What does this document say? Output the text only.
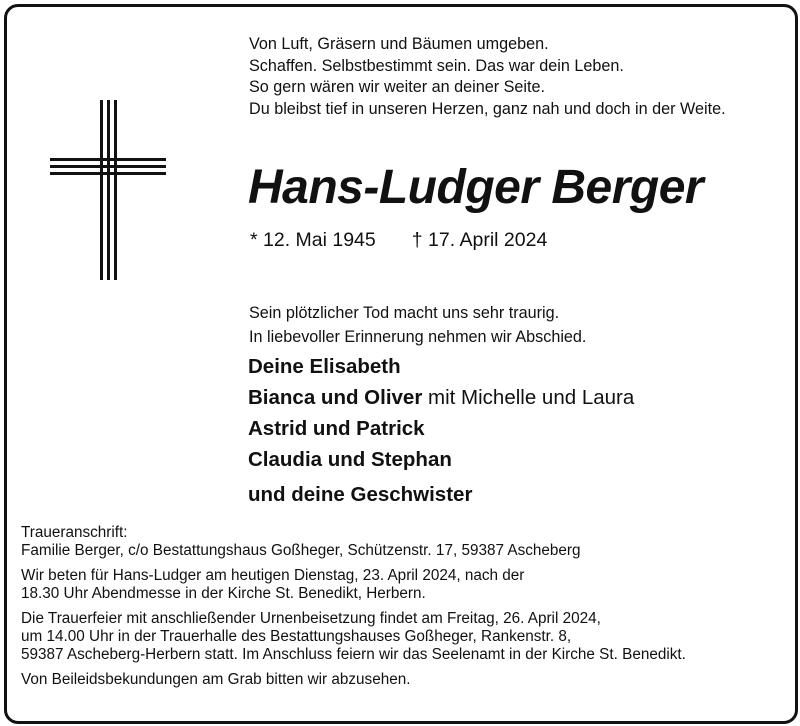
Von Luft, Gräsern und Bäumen umgeben.
Schaffen. Selbstbestimmt sein. Das war dein Leben.
So gern wären wir weiter an deiner Seite.
Du bleibst tief in unseren Herzen, ganz nah und doch in der Weite.
Hans-Ludger Berger
* 12. Mai 1945 † 17. April 2024
Sein plötzlicher Tod macht uns sehr traurig.
In liebevoller Erinnerung nehmen wir Abschied.
Deine Elisabeth
Bianca und Oliver mit Michelle und Laura
Astrid und Patrick
Claudia und Stephan
und deine Geschwister
Traueranschrift:
Familie Berger, c/o Bestattungshaus Goßheger, Schützenstr. 17, 59387 Ascheberg
Wir beten für Hans-Ludger am heutigen Dienstag, 23. April 2024, nach der
18.30 Uhr Abendmesse in der Kirche St. Benedikt, Herbern.
Die Trauerfeier mit anschließender Urnenbeisetzung findet am Freitag, 26. April 2024,
um 14.00 Uhr in der Trauerhalle des Bestattungshauses Goßheger, Rankenstr. 8,
59387 Ascheberg-Herbern statt. Im Anschluss feiern wir das Seelenamt in der Kirche St. Benedikt.
Von Beileidsbekundungen am Grab bitten wir abzusehen.
